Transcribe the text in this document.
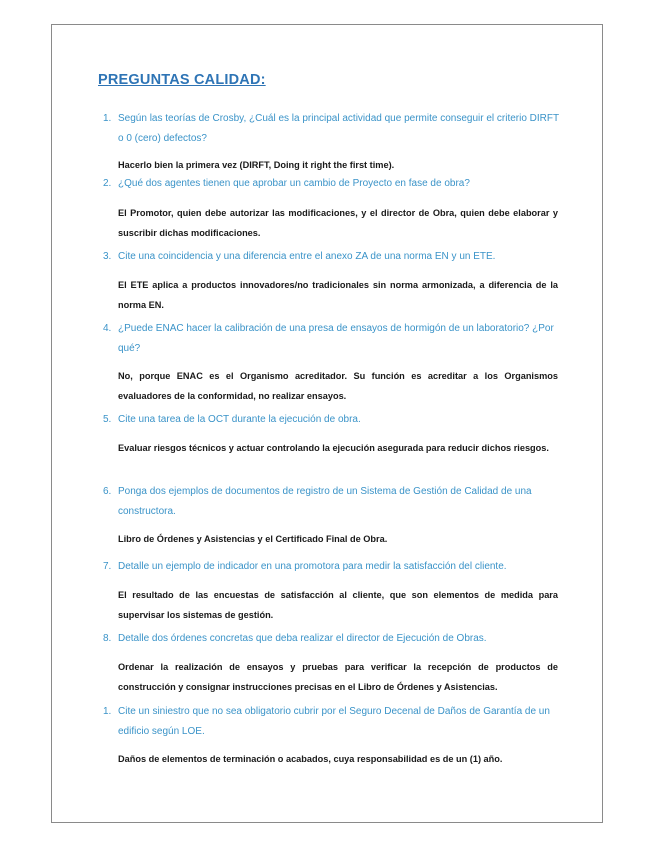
PREGUNTAS CALIDAD:
1. Según las teorías de Crosby, ¿Cuál es la principal actividad que permite conseguir el criterio DIRFT o 0 (cero) defectos?
Hacerlo bien la primera vez (DIRFT, Doing it right the first time).
2. ¿Qué dos agentes tienen que aprobar un cambio de Proyecto en fase de obra?
El Promotor, quien debe autorizar las modificaciones, y el director de Obra, quien debe elaborar y suscribir dichas modificaciones.
3. Cite una coincidencia y una diferencia entre el anexo ZA de una norma EN y un ETE.
El ETE aplica a productos innovadores/no tradicionales sin norma armonizada, a diferencia de la norma EN.
4. ¿Puede ENAC hacer la calibración de una presa de ensayos de hormigón de un laboratorio? ¿Por qué?
No, porque ENAC es el Organismo acreditador. Su función es acreditar a los Organismos evaluadores de la conformidad, no realizar ensayos.
5. Cite una tarea de la OCT durante la ejecución de obra.
Evaluar riesgos técnicos y actuar controlando la ejecución asegurada para reducir dichos riesgos.
6. Ponga dos ejemplos de documentos de registro de un Sistema de Gestión de Calidad de una constructora.
Libro de Órdenes y Asistencias y el Certificado Final de Obra.
7. Detalle un ejemplo de indicador en una promotora para medir la satisfacción del cliente.
El resultado de las encuestas de satisfacción al cliente, que son elementos de medida para supervisar los sistemas de gestión.
8. Detalle dos órdenes concretas que deba realizar el director de Ejecución de Obras.
Ordenar la realización de ensayos y pruebas para verificar la recepción de productos de construcción y consignar instrucciones precisas en el Libro de Órdenes y Asistencias.
1. Cite un siniestro que no sea obligatorio cubrir por el Seguro Decenal de Daños de Garantía de un edificio según LOE.
Daños de elementos de terminación o acabados, cuya responsabilidad es de un (1) año.
